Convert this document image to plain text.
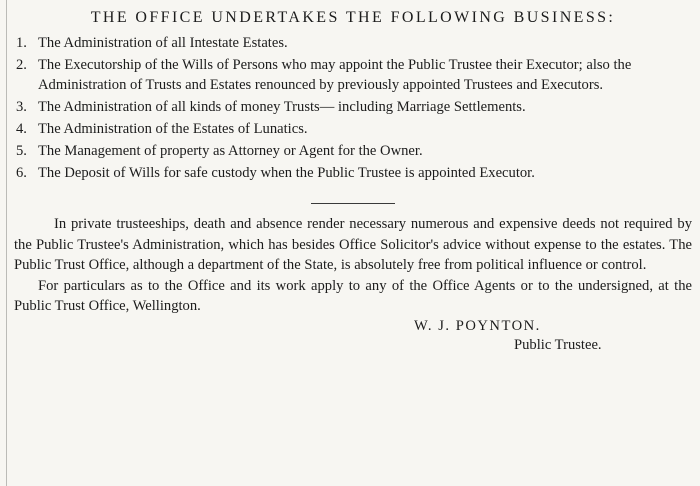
THE OFFICE UNDERTAKES THE FOLLOWING BUSINESS:
1. The Administration of all Intestate Estates.
2. The Executorship of the Wills of Persons who may appoint the Public Trustee their Executor; also the Administration of Trusts and Estates renounced by previously appointed Trustees and Executors.
3. The Administration of all kinds of money Trusts— including Marriage Settlements.
4. The Administration of the Estates of Lunatics.
5. The Management of property as Attorney or Agent for the Owner.
6. The Deposit of Wills for safe custody when the Public Trustee is appointed Executor.

In private trusteeships, death and absence render necessary numerous and expensive deeds not required by the Public Trustee's Administration, which has besides Office Solicitor's advice without expense to the estates. The Public Trust Office, although a department of the State, is absolutely free from political influence or control.

For particulars as to the Office and its work apply to any of the Office Agents or to the undersigned, at the Public Trust Office, Wellington.

W. J. POYNTON.
Public Trustee.
